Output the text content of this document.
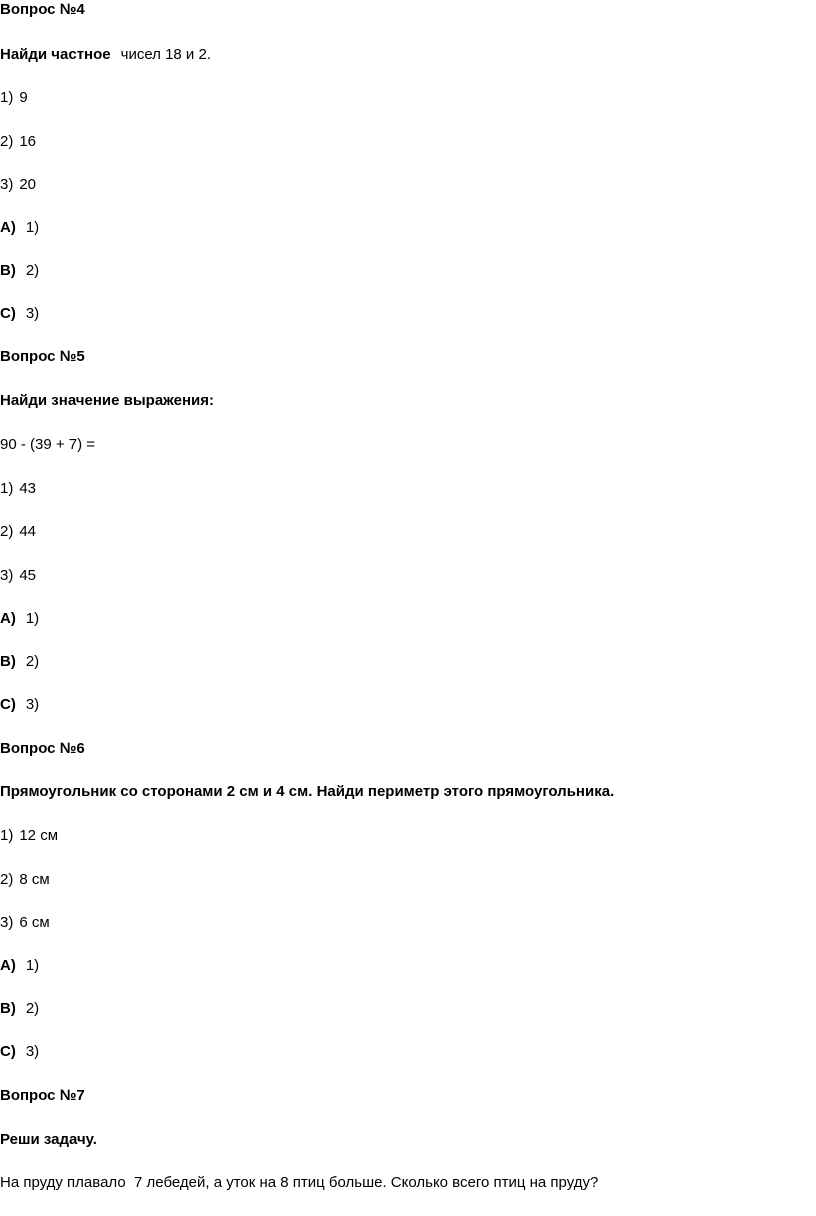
Вопрос №4
Найди частное чисел 18 и 2.
1) 9
2) 16
3) 20
A) 1)
B) 2)
C) 3)
Вопрос №5
Найди значение выражения:
90 - (39 + 7) =
1) 43
2) 44
3) 45
A) 1)
B) 2)
C) 3)
Вопрос №6
Прямоугольник со сторонами 2 см и 4 см. Найди периметр этого прямоугольника.
1) 12 см
2) 8 см
3) 6 см
A) 1)
B) 2)
C) 3)
Вопрос №7
Реши задачу.
На пруду плавало  7 лебедей, а уток на 8 птиц больше. Сколько всего птиц на пруду?
